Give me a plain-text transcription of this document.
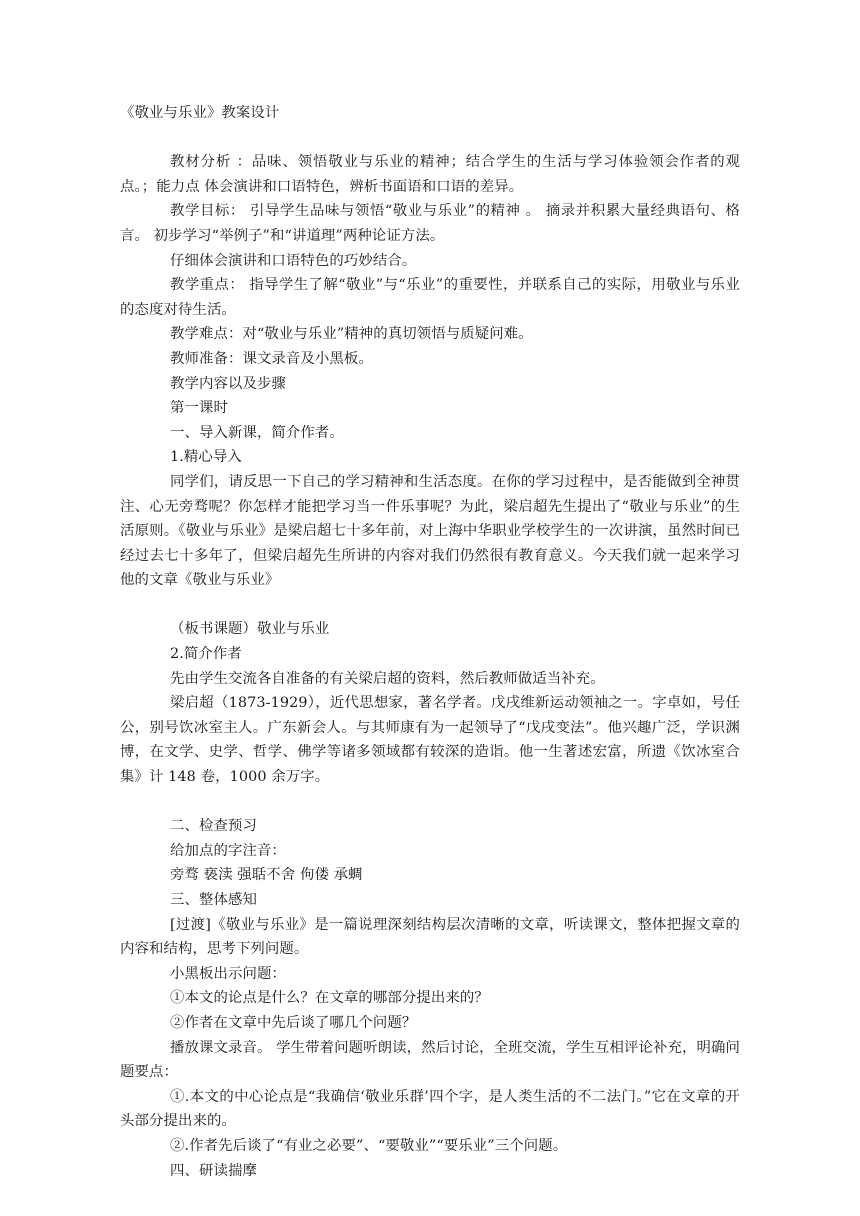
《敬业与乐业》教案设计

教材分析 ：品味、领悟敬业与乐业的精神；结合学生的生活与学习体验领会作者的观点。；能力点 体会演讲和口语特色，辨析书面语和口语的差异。

教学目标： 引导学生品味与领悟“敬业与乐业”的精神 。 摘录并积累大量经典语句、格言。 初步学习“举例子”和“讲道理”两种论证方法。

仔细体会演讲和口语特色的巧妙结合。

教学重点： 指导学生了解“敬业”与“乐业”的重要性，并联系自己的实际，用敬业与乐业的态度对待生活。

教学难点：对“敬业与乐业”精神的真切领悟与质疑问难。

教师准备：课文录音及小黑板。

教学内容以及步骤

第一课时

一、导入新课，简介作者。

1.精心导入

同学们，请反思一下自己的学习精神和生活态度。在你的学习过程中，是否能做到全神贯注、心无旁骛呢？你怎样才能把学习当一件乐事呢？为此，梁启超先生提出了“敬业与乐业”的生活原则。《敬业与乐业》是梁启超七十多年前，对上海中华职业学校学生的一次讲演，虽然时间已经过去七十多年了，但梁启超先生所讲的内容对我们仍然很有教育意义。今天我们就一起来学习他的文章《敬业与乐业》

（板书课题）敬业与乐业

2.简介作者

先由学生交流各自准备的有关梁启超的资料，然后教师做适当补充。

梁启超（1873-1929），近代思想家，著名学者。戊戌维新运动领袖之一。字卓如，号任公，别号饮冰室主人。广东新会人。与其师康有为一起领导了“戊戌变法”。他兴趣广泛，学识渊博，在文学、史学、哲学、佛学等诸多领域都有较深的造诣。他一生著述宏富，所遗《饮冰室合集》计 148 卷，1000 余万字。

二、检查预习

给加点的字注音：

旁骛 亵渎 强聒不舍 佝偻 承蜩

三、整体感知

[过渡]《敬业与乐业》是一篇说理深刻结构层次清晰的文章，听读课文，整体把握文章的内容和结构，思考下列问题。

小黑板出示问题：

①本文的论点是什么？在文章的哪部分提出来的？

②作者在文章中先后谈了哪几个问题？

播放课文录音。 学生带着问题听朗读，然后讨论，全班交流，学生互相评论补充，明确问题要点：

①.本文的中心论点是“我确信‘敬业乐群’四个字，是人类生活的不二法门。”它在文章的开头部分提出来的。

②.作者先后谈了“有业之必要”、“要敬业”“要乐业”三个问题。

四、研读揣摩
